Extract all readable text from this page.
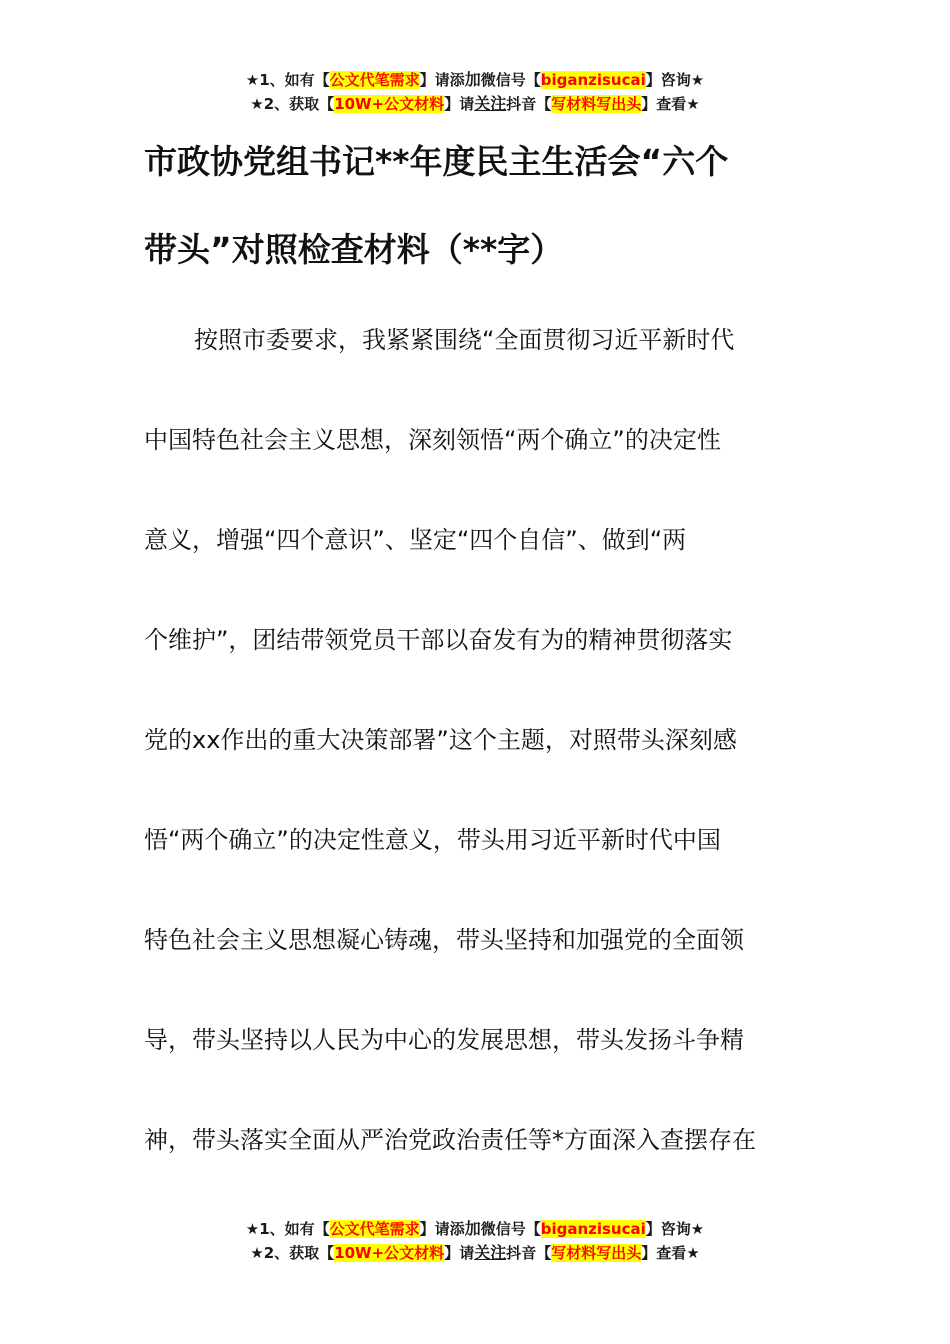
★1、如有【公文代笔需求】请添加微信号【biganzisucai】咨询★
★2、获取【10W+公文材料】请关注抖音【写材料写出头】查看★
市政协党组书记**年度民主生活会“六个
带头”对照检查材料（**字）
按照市委要求，我紧紧围绕“全面贯彻习近平新时代
中国特色社会主义思想，深刻领悟“两个确立”的决定性
意义，增强“四个意识”、坚定“四个自信”、做到“两
个维护”，团结带领党员干部以奋发有为的精神贯彻落实
党的xx作出的重大决策部署”这个主题，对照带头深刻感
悟“两个确立”的决定性意义，带头用习近平新时代中国
特色社会主义思想凝心铸魂，带头坚持和加强党的全面领
导，带头坚持以人民为中心的发展思想，带头发扬斗争精
神，带头落实全面从严治党政治责任等*方面深入查摆存在
★1、如有【公文代笔需求】请添加微信号【biganzisucai】咨询★
★2、获取【10W+公文材料】请关注抖音【写材料写出头】查看★
